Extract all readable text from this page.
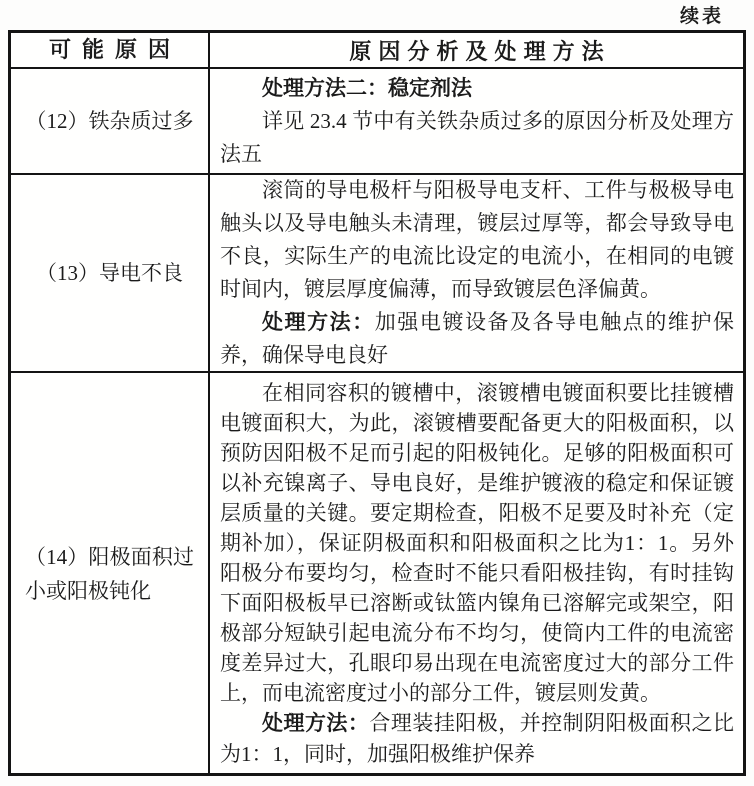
续表
可能原因	原因分析及处理方法
（12）铁杂质过多

处理方法二：稳定剂法

详见 23.4 节中有关铁杂质过多的原因分析及处理方法五

（13）导电不良

滚筒的导电极杆与阳极导电支杆、工件与极极导电触头以及导电触头未清理，镀层过厚等，都会导致导电不良，实际生产的电流比设定的电流小，在相同的电镀时间内，镀层厚度偏薄，而导致镀层色泽偏黄。

处理方法：加强电镀设备及各导电触点的维护保养，确保导电良好

（14）阳极面积过小或阳极钝化

在相同容积的镀槽中，滚镀槽电镀面积要比挂镀槽电镀面积大，为此，滚镀槽要配备更大的阳极面积，以预防因阳极不足而引起的阳极钝化。足够的阳极面积可以补充镍离子、导电良好，是维护镀液的稳定和保证镀层质量的关键。要定期检查，阳极不足要及时补充（定期补加），保证阴极面积和阳极面积之比为1：1。另外阳极分布要均匀，检查时不能只看阳极挂钩，有时挂钩下面阳极板早已溶断或钛篮内镍角已溶解完或架空，阳极部分短缺引起电流分布不均匀，使筒内工件的电流密度差异过大，孔眼印易出现在电流密度过大的部分工件上，而电流密度过小的部分工件，镀层则发黄。

处理方法：合理装挂阳极，并控制阴阳极面积之比为1：1，同时，加强阳极维护保养
